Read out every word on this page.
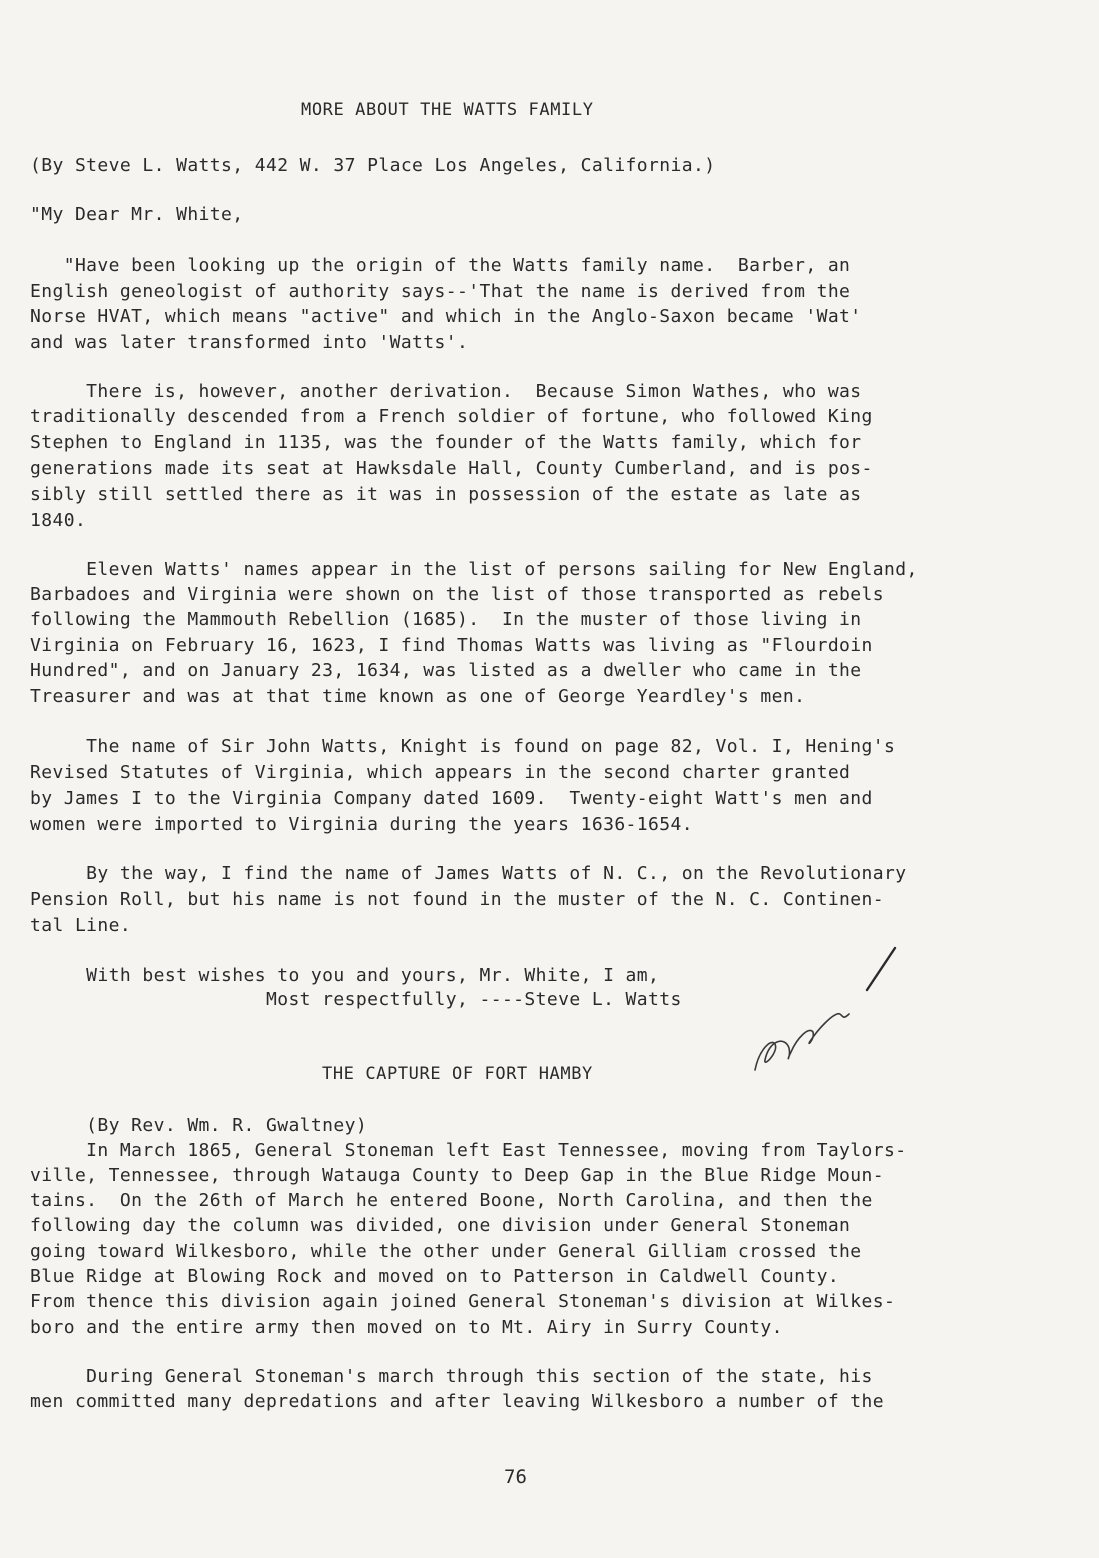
MORE ABOUT THE WATTS FAMILY
(By Steve L. Watts, 442 W. 37 Place Los Angeles, California.)
"My Dear Mr. White,
"Have been looking up the origin of the Watts family name.  Barber, an
English geneologist of authority says--'That the name is derived from the
Norse HVAT, which means "active" and which in the Anglo-Saxon became 'Wat'
and was later transformed into 'Watts'.
There is, however, another derivation.  Because Simon Wathes, who was
traditionally descended from a French soldier of fortune, who followed King
Stephen to England in 1135, was the founder of the Watts family, which for
generations made its seat at Hawksdale Hall, County Cumberland, and is pos-
sibly still settled there as it was in possession of the estate as late as
1840.
Eleven Watts' names appear in the list of persons sailing for New England,
Barbadoes and Virginia were shown on the list of those transported as rebels
following the Mammouth Rebellion (1685).  In the muster of those living in
Virginia on February 16, 1623, I find Thomas Watts was living as "Flourdoin
Hundred", and on January 23, 1634, was listed as a dweller who came in the
Treasurer and was at that time known as one of George Yeardley's men.
The name of Sir John Watts, Knight is found on page 82, Vol. I, Hening's
Revised Statutes of Virginia, which appears in the second charter granted
by James I to the Virginia Company dated 1609.  Twenty-eight Watt's men and
women were imported to Virginia during the years 1636-1654.
By the way, I find the name of James Watts of N. C., on the Revolutionary
Pension Roll, but his name is not found in the muster of the N. C. Continen-
tal Line.
With best wishes to you and yours, Mr. White, I am,
Most respectfully, ----Steve L. Watts
THE CAPTURE OF FORT HAMBY
(By Rev. Wm. R. Gwaltney)
In March 1865, General Stoneman left East Tennessee, moving from Taylors-
ville, Tennessee, through Watauga County to Deep Gap in the Blue Ridge Moun-
tains.  On the 26th of March he entered Boone, North Carolina, and then the
following day the column was divided, one division under General Stoneman
going toward Wilkesboro, while the other under General Gilliam crossed the
Blue Ridge at Blowing Rock and moved on to Patterson in Caldwell County.
From thence this division again joined General Stoneman's division at Wilkes-
boro and the entire army then moved on to Mt. Airy in Surry County.
During General Stoneman's march through this section of the state, his
men committed many depredations and after leaving Wilkesboro a number of the
76
